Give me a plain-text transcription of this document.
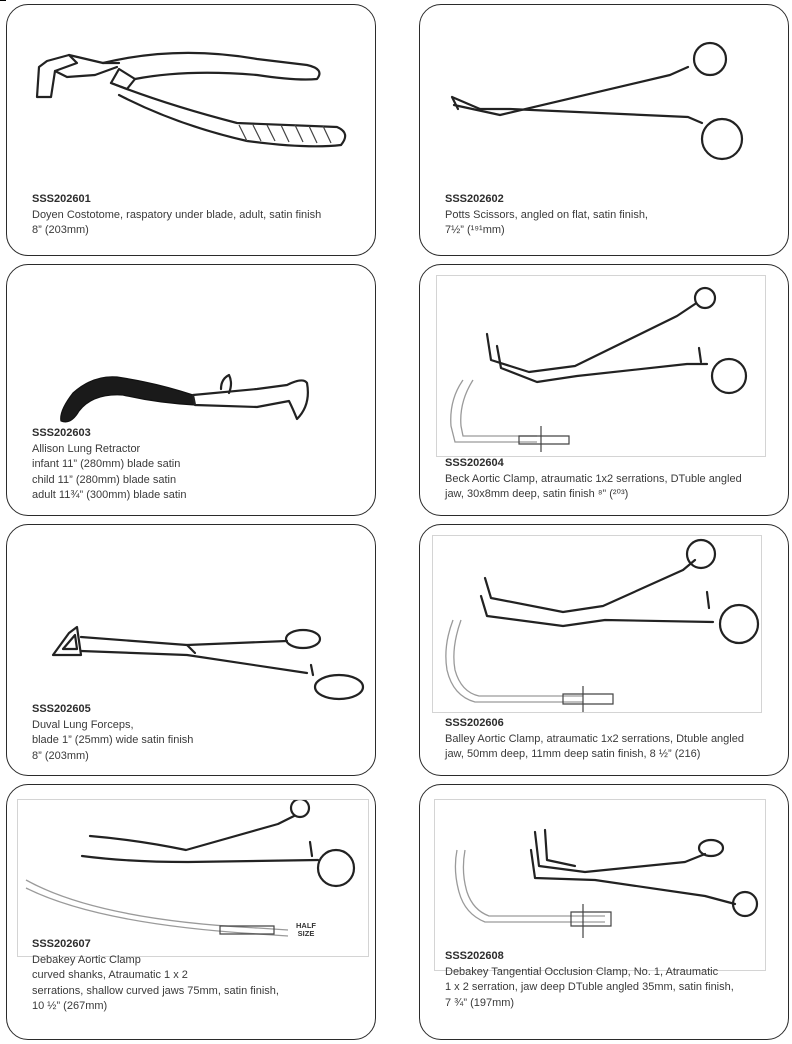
SSS202601
Doyen Costotome, raspatory under blade, adult, satin finish
8” (203mm)
SSS202602
Potts Scissors, angled on flat, satin finish,
7½” (¹⁹¹mm)
SSS202603
Allison Lung Retractor
infant 11” (280mm) blade satin
child 11” (280mm) blade satin
adult 11¾” (300mm) blade satin
SSS202604
Beck Aortic Clamp, atraumatic 1x2 serrations, DTuble angled
jaw, 30x8mm deep, satin finish ⁸” (²⁰³)
SSS202605
Duval Lung Forceps,
blade 1” (25mm) wide satin finish
8” (203mm)
SSS202606
Balley Aortic Clamp, atraumatic 1x2 serrations, Dtuble angled
jaw, 50mm deep, 11mm deep satin finish, 8 ½” (216)
HALF
SIZE
SSS202607
Debakey Aortic Clamp
curved shanks, Atraumatic 1 x 2
serrations, shallow curved jaws 75mm, satin finish,
10 ½” (267mm)
SSS202608
Debakey Tangential Occlusion Clamp, No. 1, Atraumatic
1 x 2 serration, jaw deep DTuble angled 35mm, satin finish,
7 ¾” (197mm)
